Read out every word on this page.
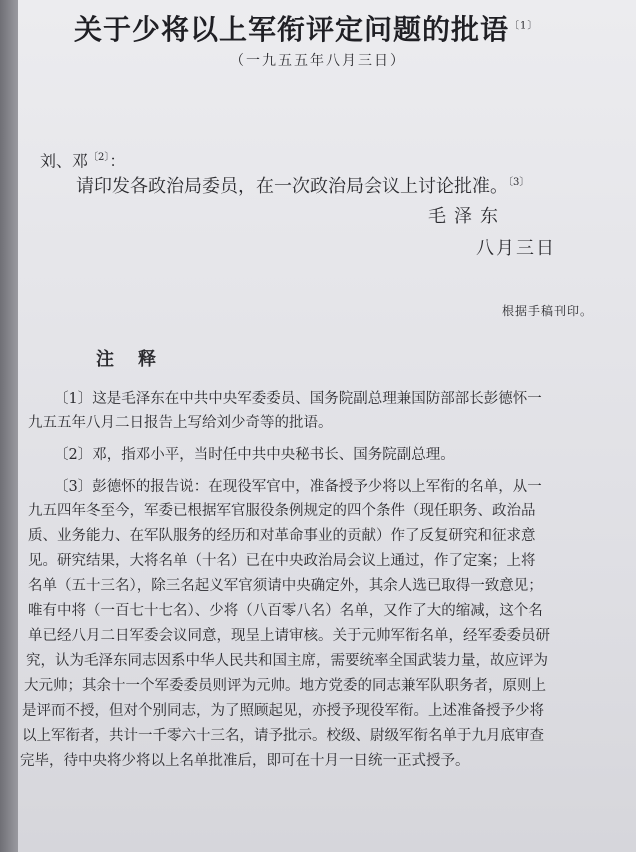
关于少将以上军衔评定问题的批语$^{〔1〕}$
（一九五五年八月三日）
刘、邓$^{〔2〕}$：
请印发各政治局委员，在一次政治局会议上讨论批准。$^{〔3〕}$
毛泽东
八月三日
根据手稿刊印。
注释
〔1〕这是毛泽东在中共中央军委委员、国务院副总理兼国防部部长彭德怀一
九五五年八月二日报告上写给刘少奇等的批语。
〔2〕邓，指邓小平，当时任中共中央秘书长、国务院副总理。
〔3〕彭德怀的报告说：在现役军官中，准备授予少将以上军衔的名单，从一
九五四年冬至今，军委已根据军官服役条例规定的四个条件（现任职务、政治品
质、业务能力、在军队服务的经历和对革命事业的贡献）作了反复研究和征求意
见。研究结果，大将名单（十名）已在中央政治局会议上通过，作了定案；上将
名单（五十三名），除三名起义军官须请中央确定外，其余人选已取得一致意见；
唯有中将（一百七十七名）、少将（八百零八名）名单，又作了大的缩减，这个名
单已经八月二日军委会议同意，现呈上请审核。关于元帅军衔名单，经军委委员研
究，认为毛泽东同志因系中华人民共和国主席，需要统率全国武装力量，故应评为
大元帅；其余十一个军委委员则评为元帅。地方党委的同志兼军队职务者，原则上
是评而不授，但对个别同志，为了照顾起见，亦授予现役军衔。上述准备授予少将
以上军衔者，共计一千零六十三名，请予批示。校级、尉级军衔名单于九月底审查
完毕，待中央将少将以上名单批准后，即可在十月一日统一正式授予。
